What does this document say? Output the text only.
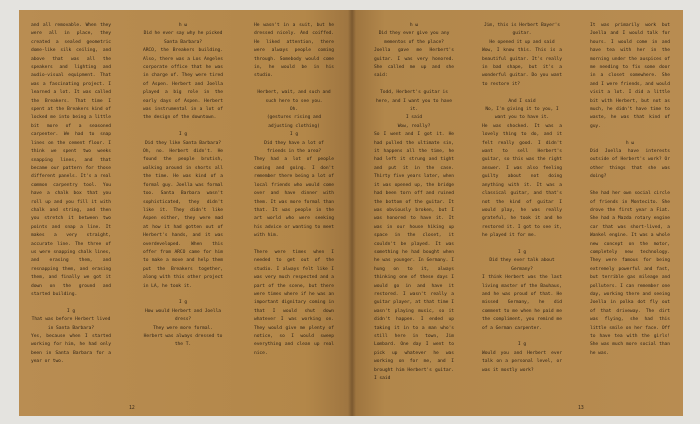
and all removable. When they were all in place, they created a sealed geometric dome-like silk ceiling, and above that was all the speakers and lighting and audio-visual equipment. That was a fascinating project. I learned a lot. It was called the Breakers. That time I spent at the Breakers kind of locked me into being a little bit more of a seasoned carpenter. We had to snap lines on the cement floor. I think we spent two weeks snapping lines, and that became our pattern for those different panels. It's a real common carpentry tool. You have a chalk box that you roll up and you fill it with chalk and string, and then you stretch it between two points and snap a line. It makes a very straight, accurate line. The three of us were snapping chalk lines, and erasing them, and resnapping them, and erasing them, and finally we got it down on the ground and started building.

I g

That was before Herbert lived in Santa Barbara?

Yes, because when I started working for him, he had only been in Santa Barbara for a year or two.

h ω

Did he ever say why he picked Santa Barbara?

ARCO, the Breakers building. Also, there was a Los Angeles corporate office that he was in charge of. They were tired of Aspen. Herbert and Joella played a big role in the early days of Aspen. Herbert was instrumental in a lot of the design of the downtown.

I g

Did they like Santa Barbara?

Oh, no. Herbert didn't. He found the people brutish, walking around in shorts all the time. He was kind of a formal guy. Joella was formal too. Santa Barbara wasn't sophisticated, they didn't like it. They didn't like Aspen either, they were mad at how it had gotten out of Herbert's hands, and it was overdeveloped. When this offer from ARCO came for him to make a move and help them put the Breakers together, along with this other project in LA, he took it.

I g

How would Herbert and Joella dress?

They were more formal. Herbert was always dressed to the T.

He wasn't in a suit, but he dressed nicely. And coiffed. He liked attention, there were always people coming through. Somebody would come in, he would be in his studio.

Herbert, wait, and such and such here to see you.

Oh.

(gestures rising and adjusting clothing)

I g

Did they have a lot of friends in the area?

They had a lot of people coming and going. I don't remember there being a lot of local friends who would come over and have dinner with them. It was more formal than that. It was people in the art world who were seeking his advice or wanting to meet with him.

There were times when I needed to get out of the studio. I always felt like I was very much respected and a part of the scene, but there were times where if he was an important dignitary coming in that I would shut down whatever I was working on. They would give me plenty of notice, so I would sweep everything and clean up real nice.

12

h ω

Did they ever give you any mementos of the place?

Joella gave me Herbert's guitar. I was very honored. She called me up and she said:

Todd, Herbert's guitar is here, and I want you to have it.

I said

Wow, really?

So I went and I got it. He had pulled the ultimate sin, it happens all the time, he had left it strung and tight and put it in the case. Thirty five years later, when it was opened up, the bridge had been torn off and ruined the bottom of the guitar. It was obviously broken, but I was honored to have it. It was in our house hiking up space in the closet, it couldn't be played. It was something he had bought when he was younger. In Germany. I hung on to it, always thinking one of these days I would go in and have it restored. I wasn't really a guitar player, at that time I wasn't playing music, so it didn't happen. I ended up taking it in to a man who's still here in town, Jim Lombard. One day I went to pick up whatever he was working on for me, and I brought him Herbert's guitar. I said

Jim, this is Herbert Bayer's guitar.

He opened it up and said

Wow, I know this. This is a beautiful guitar. It's really in bad shape, but it's a wonderful guitar. Do you want to restore it?

And I said

No, I'm giving it to you, I want you to have it.

He was shocked. It was a lovely thing to do, and it felt really good. I didn't want to sell Herbert's guitar, so this was the right answer. I was also feeling guilty about not doing anything with it. It was a classical guitar, and that's not the kind of guitar I would play, he was really grateful, he took it and he restored it. I got to see it, he played it for me.

I g

Did they ever talk about Germany?

I think Herbert was the last living master of the Bauhaus, and he was proud of that. He missed Germany, he did comment to me when he paid me the compliment, you remind me of a German carpenter.

I g

Would you and Herbert ever talk on a personal level, or was it mostly work?

It was primarily work but Joella and I would talk for hours. I would come in and have tea with her in the morning under the auspices of me needing to fix some door in a closet somewhere. She and I were friends, and would visit a lot. I did a little bit with Herbert, but not as much, he didn't have time to waste, he was that kind of guy.

h ω

Did Joella have interests outside of Herbert's work? Or other things that she was doing?

She had her own social circle of friends in Montecito. She drove the first year a Fiat. She had a Mazda rotary engine car that was short-lived, a Wankel engine. It was a whole new concept on the motor, completely new technology. They were famous for being extremely powerful and fast, but terrible gas mileage and polluters. I can remember one day, working there and seeing Joella in polka dot fly out of that driveway. The dirt was flying, she had this little smile on her face. Off to have tea with the girls! She was much more social than he was.

13
